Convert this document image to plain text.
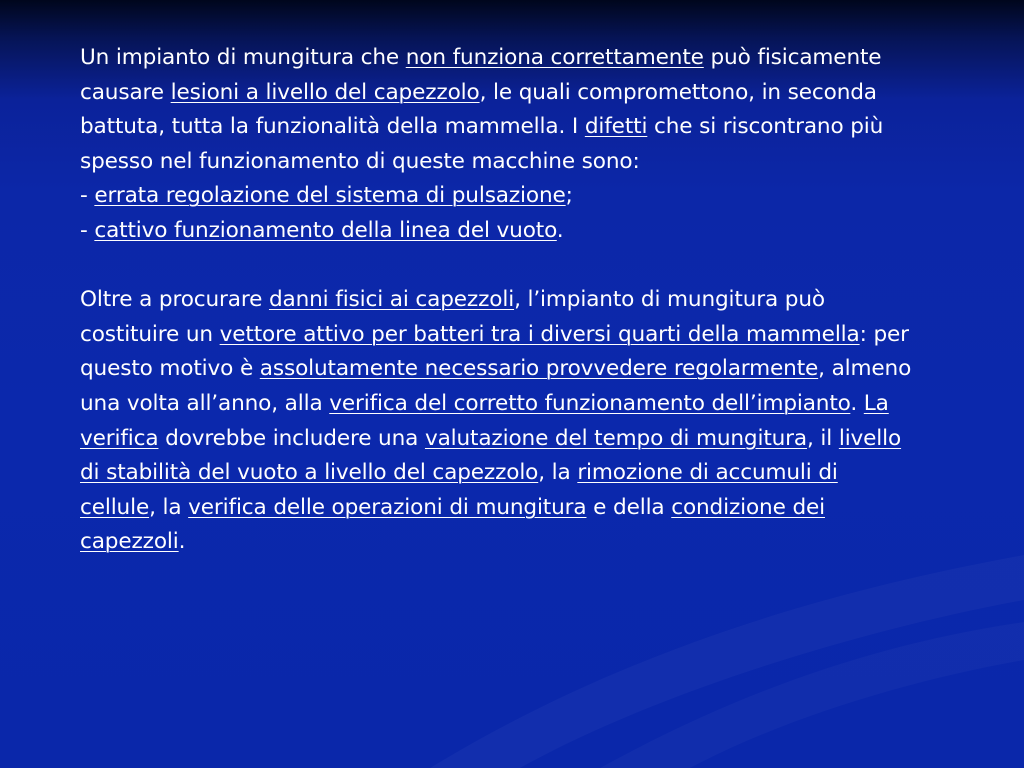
Un impianto di mungitura che non funziona correttamente può fisicamente causare lesioni a livello del capezzolo, le quali compromettono, in seconda battuta, tutta la funzionalità della mammella. I difetti che si riscontrano più spesso nel funzionamento di queste macchine sono:

- errata regolazione del sistema di pulsazione;

- cattivo funzionamento della linea del vuoto.

Oltre a procurare danni fisici ai capezzoli, l’impianto di mungitura può costituire un vettore attivo per batteri tra i diversi quarti della mammella: per questo motivo è assolutamente necessario provvedere regolarmente, almeno una volta all’anno, alla verifica del corretto funzionamento dell’impianto. La verifica dovrebbe includere una valutazione del tempo di mungitura, il livello di stabilità del vuoto a livello del capezzolo, la rimozione di accumuli di cellule, la verifica delle operazioni di mungitura e della condizione dei capezzoli.
